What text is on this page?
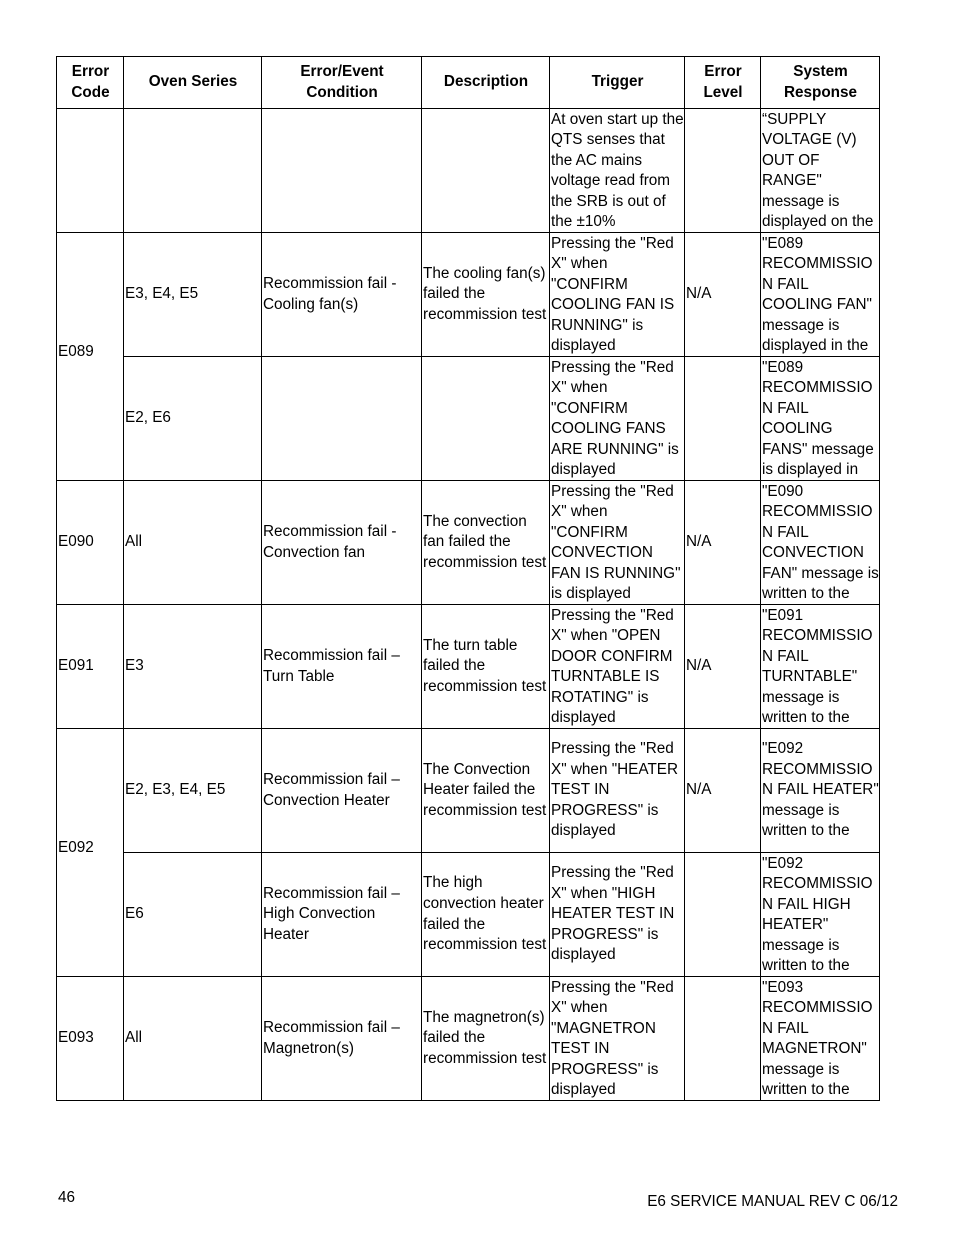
Error Code	Oven Series	Error/Event Condition	Description	Trigger	Error Level	System Response

				At oven start up the QTS senses that the AC mains voltage read from the SRB is out of the ±10%		“SUPPLY VOLTAGE (V) OUT OF RANGE" message is displayed on the

E089	E3, E4, E5	Recommission fail - Cooling fan(s)	The cooling fan(s) failed the recommission test	Pressing the "Red X" when "CONFIRM COOLING FAN IS RUNNING" is displayed	N/A	"E089 RECOMMISSIO N FAIL COOLING FAN" message is displayed in the

	E2, E6			Pressing the "Red X" when "CONFIRM COOLING FANS ARE RUNNING" is displayed		"E089 RECOMMISSIO N FAIL COOLING FANS" message is displayed in

E090	All	Recommission fail - Convection fan	The convection fan failed the recommission test	Pressing the "Red X" when "CONFIRM CONVECTION FAN IS RUNNING" is displayed	N/A	"E090 RECOMMISSIO N FAIL CONVECTION FAN" message is written to the

E091	E3	Recommission fail – Turn Table	The turn table failed the recommission test	Pressing the "Red X" when "OPEN DOOR CONFIRM TURNTABLE IS ROTATING" is displayed	N/A	"E091 RECOMMISSIO N FAIL TURNTABLE" message is written to the

E092	E2, E3, E4, E5	Recommission fail – Convection Heater	The Convection Heater failed the recommission test	Pressing the "Red X" when "HEATER TEST IN PROGRESS" is displayed	N/A	"E092 RECOMMISSIO N FAIL HEATER" message is written to the

	E6	Recommission fail – High Convection Heater	The high convection heater failed the recommission test	Pressing the "Red X" when "HIGH HEATER TEST IN PROGRESS" is displayed		"E092 RECOMMISSIO N FAIL HIGH HEATER" message is written to the

E093	All	Recommission fail – Magnetron(s)	The magnetron(s) failed the recommission test	Pressing the "Red X" when "MAGNETRON TEST IN PROGRESS" is displayed		"E093 RECOMMISSIO N FAIL MAGNETRON" message is written to the
46	E6 SERVICE MANUAL REV C 06/12
